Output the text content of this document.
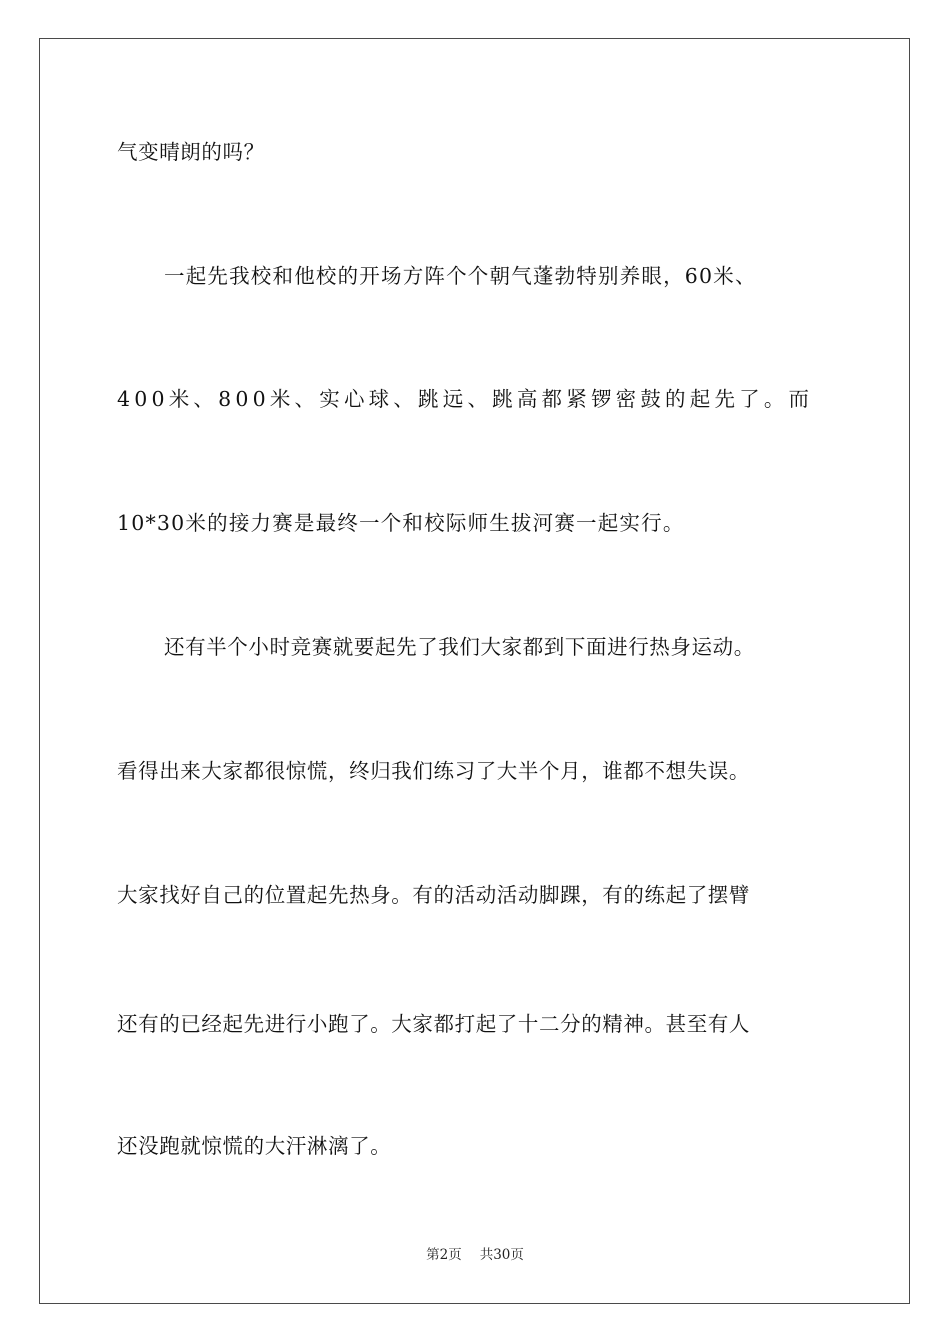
气变晴朗的吗？
一起先我校和他校的开场方阵个个朝气蓬勃特别养眼，60米、
400米、800米、实心球、跳远、跳高都紧锣密鼓的起先了。而
10*30米的接力赛是最终一个和校际师生拔河赛一起实行。
还有半个小时竞赛就要起先了我们大家都到下面进行热身运动。
看得出来大家都很惊慌，终归我们练习了大半个月，谁都不想失误。
大家找好自己的位置起先热身。有的活动活动脚踝，有的练起了摆臂
还有的已经起先进行小跑了。大家都打起了十二分的精神。甚至有人
还没跑就惊慌的大汗淋漓了。
第2页 共30页
